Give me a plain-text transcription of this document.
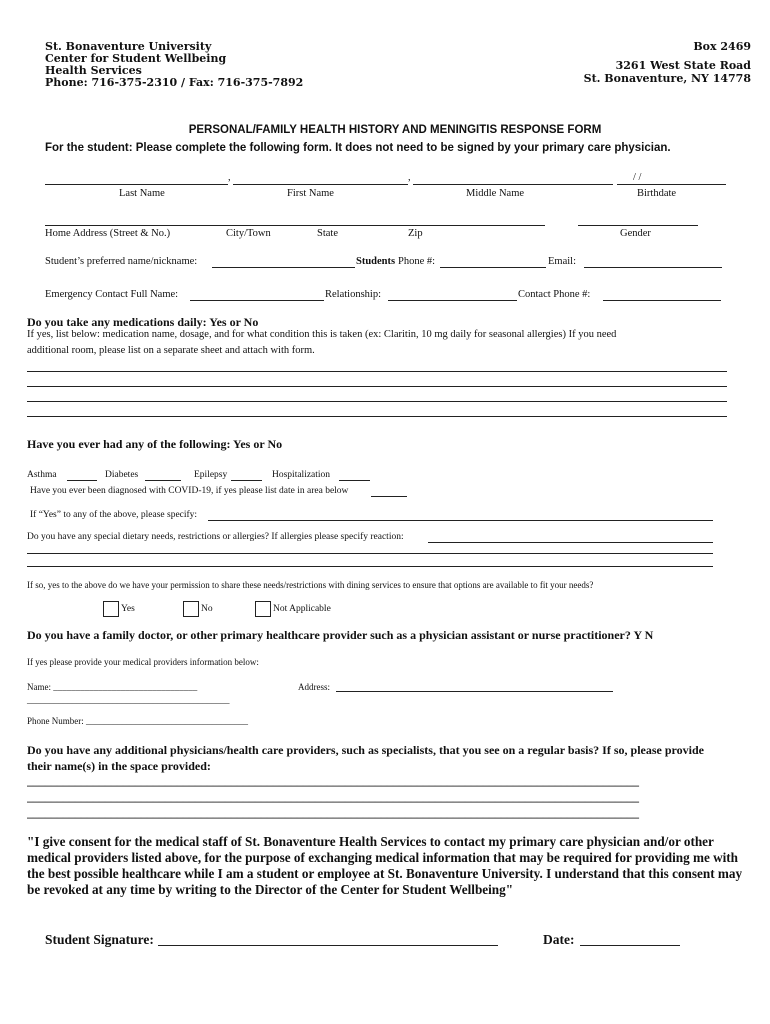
St. Bonaventure University
Center for Student Wellbeing
Health Services
Phone: 716-375-2310 / Fax: 716-375-7892
Box 2469
3261 West State Road
St. Bonaventure, NY 14778
PERSONAL/FAMILY HEALTH HISTORY AND MENINGITIS RESPONSE FORM
For the student: Please complete the following form. It does not need to be signed by your primary care physician.
,	,	/ /
Last Name	First Name	Middle Name	Birthdate
Home Address (Street & No.)	City/Town	State	Zip	Gender
Student’s preferred name/nickname:	Students Phone #:	Email:
Emergency Contact Full Name:	Relationship:	Contact Phone #:
Do you take any medications daily: Yes or No
If yes, list below: medication name, dosage, and for what condition this is taken (ex: Claritin, 10 mg daily for seasonal allergies) If you need
additional room, please list on a separate sheet and attach with form.
Have you ever had any of the following: Yes or No
Asthma	Diabetes	Epilepsy	Hospitalization
Have you ever been diagnosed with COVID-19, if yes please list date in area below
If “Yes” to any of the above, please specify:
Do you have any special dietary needs, restrictions or allergies? If allergies please specify reaction:
If so, yes to the above do we have your permission to share these needs/restrictions with dining services to ensure that options are available to fit your needs?
Yes	No	Not Applicable
Do you have a family doctor, or other primary healthcare provider such as a physician assistant or nurse practitioner? Y N
If yes please provide your medical providers information below:
Name: ________________________________	Address:
_____________________________________________
Phone Number: ____________________________________
Do you have any additional physicians/health care providers, such as specialists, that you see on a regular basis? If so, please provide
their name(s) in the space provided:
______________________________________________________________________________________________________
______________________________________________________________________________________________________
______________________________________________________________________________________________________
"I give consent for the medical staff of St. Bonaventure Health Services to contact my primary care physician and/or other medical providers listed above, for the purpose of exchanging medical information that may be required for providing me with the best possible healthcare while I am a student or employee at St. Bonaventure University. I understand that this consent may be revoked at any time by writing to the Director of the Center for Student Wellbeing"
Student Signature:	Date:
